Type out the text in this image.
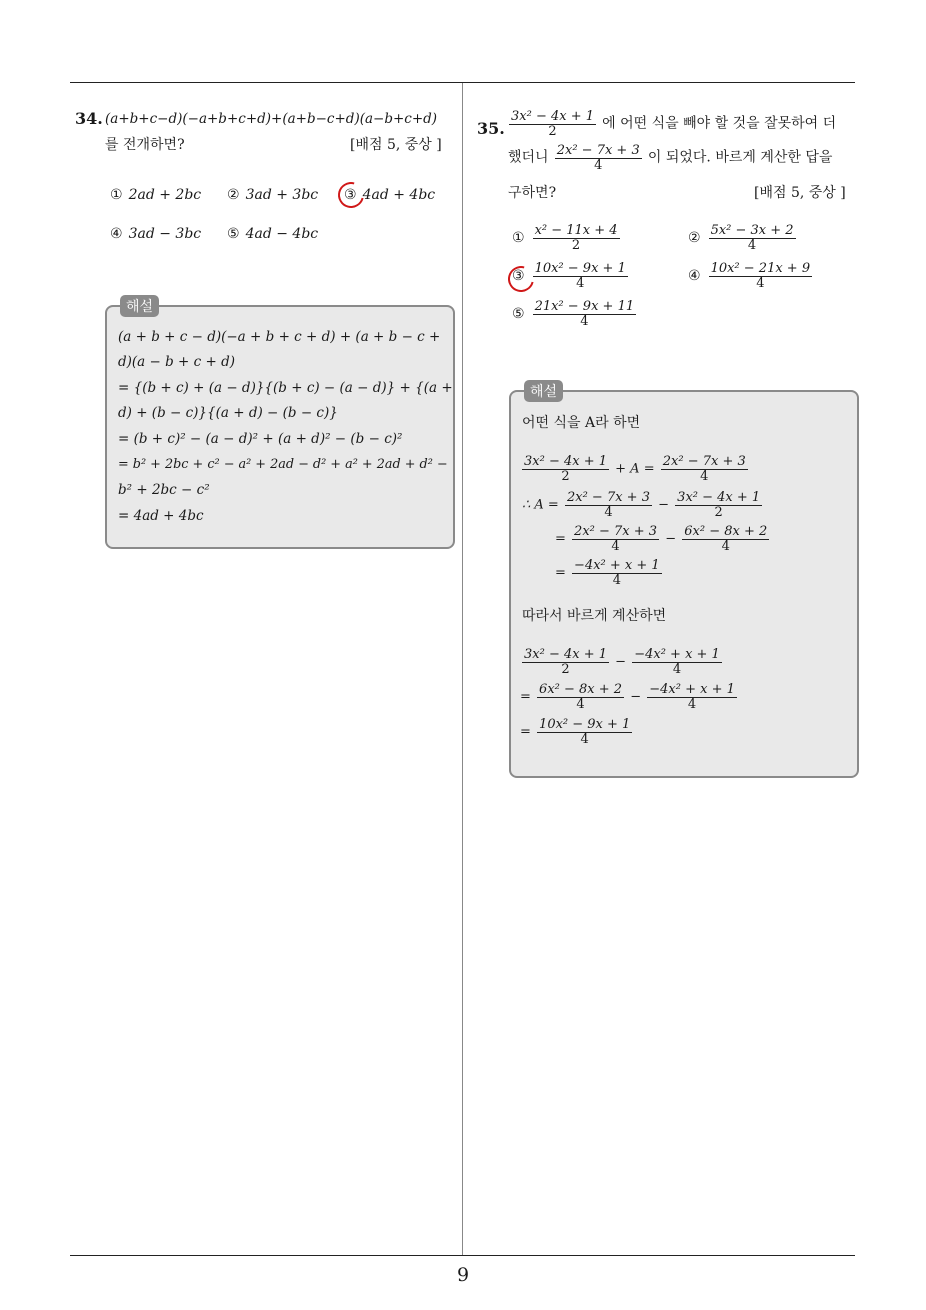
9
34. (a+b+c−d)(−a+b+c+d)+(a+b−c+d)(a−b+c+d)
를 전개하면?	[배점 5, 중상 ]
① 2ad + 2bc ② 3ad + 3bc ③ 4ad + 4bc
④ 3ad − 3bc ⑤ 4ad − 4bc
해설
(a + b + c − d)(−a + b + c + d) + (a + b − c +
d)(a − b + c + d)
= {(b + c) + (a − d)}{(b + c) − (a − d)} + {(a +
d) + (b − c)}{(a + d) − (b − c)}
= (b + c)² − (a − d)² + (a + d)² − (b − c)²
= b² + 2bc + c² − a² + 2ad − d² + a² + 2ad + d² −
b² + 2bc − c²
= 4ad + 4bc
35. $\frac{\text{3x² − 4x + 1}}{2}$ 에 어떤 식을 빼야 할 것을 잘못하여 더
했더니 $\frac{\text{2x² − 7x + 3}}{4}$ 이 되었다. 바르게 계산한 답을
구하면?	[배점 5, 중상 ]
① $\frac{\text{x² − 11x + 4}}{2}$	② $\frac{\text{5x² − 3x + 2}}{4}$
③ $\frac{\text{10x² − 9x + 1}}{4}$	④ $\frac{\text{10x² − 21x + 9}}{4}$
⑤ $\frac{\text{21x² − 9x + 11}}{4}$
해설
어떤 식을 A라 하면
$\frac{\text{3x² − 4x + 1}}{2} + A = \frac{\text{2x² − 7x + 3}}{4}$
∴ $A = \frac{\text{2x² − 7x + 3}}{4} - \frac{\text{3x² − 4x + 1}}{2}$
= $\frac{\text{2x² − 7x + 3}}{4} - \frac{\text{6x² − 8x + 2}}{4}$
= $\frac{\text{−4x² + x + 1}}{4}$
따라서 바르게 계산하면
$\frac{\text{3x² − 4x + 1}}{2} - \frac{\text{−4x² + x + 1}}{4}$
= $\frac{\text{6x² − 8x + 2}}{4} - \frac{\text{−4x² + x + 1}}{4}$
= $\frac{\text{10x² − 9x + 1}}{4}$
